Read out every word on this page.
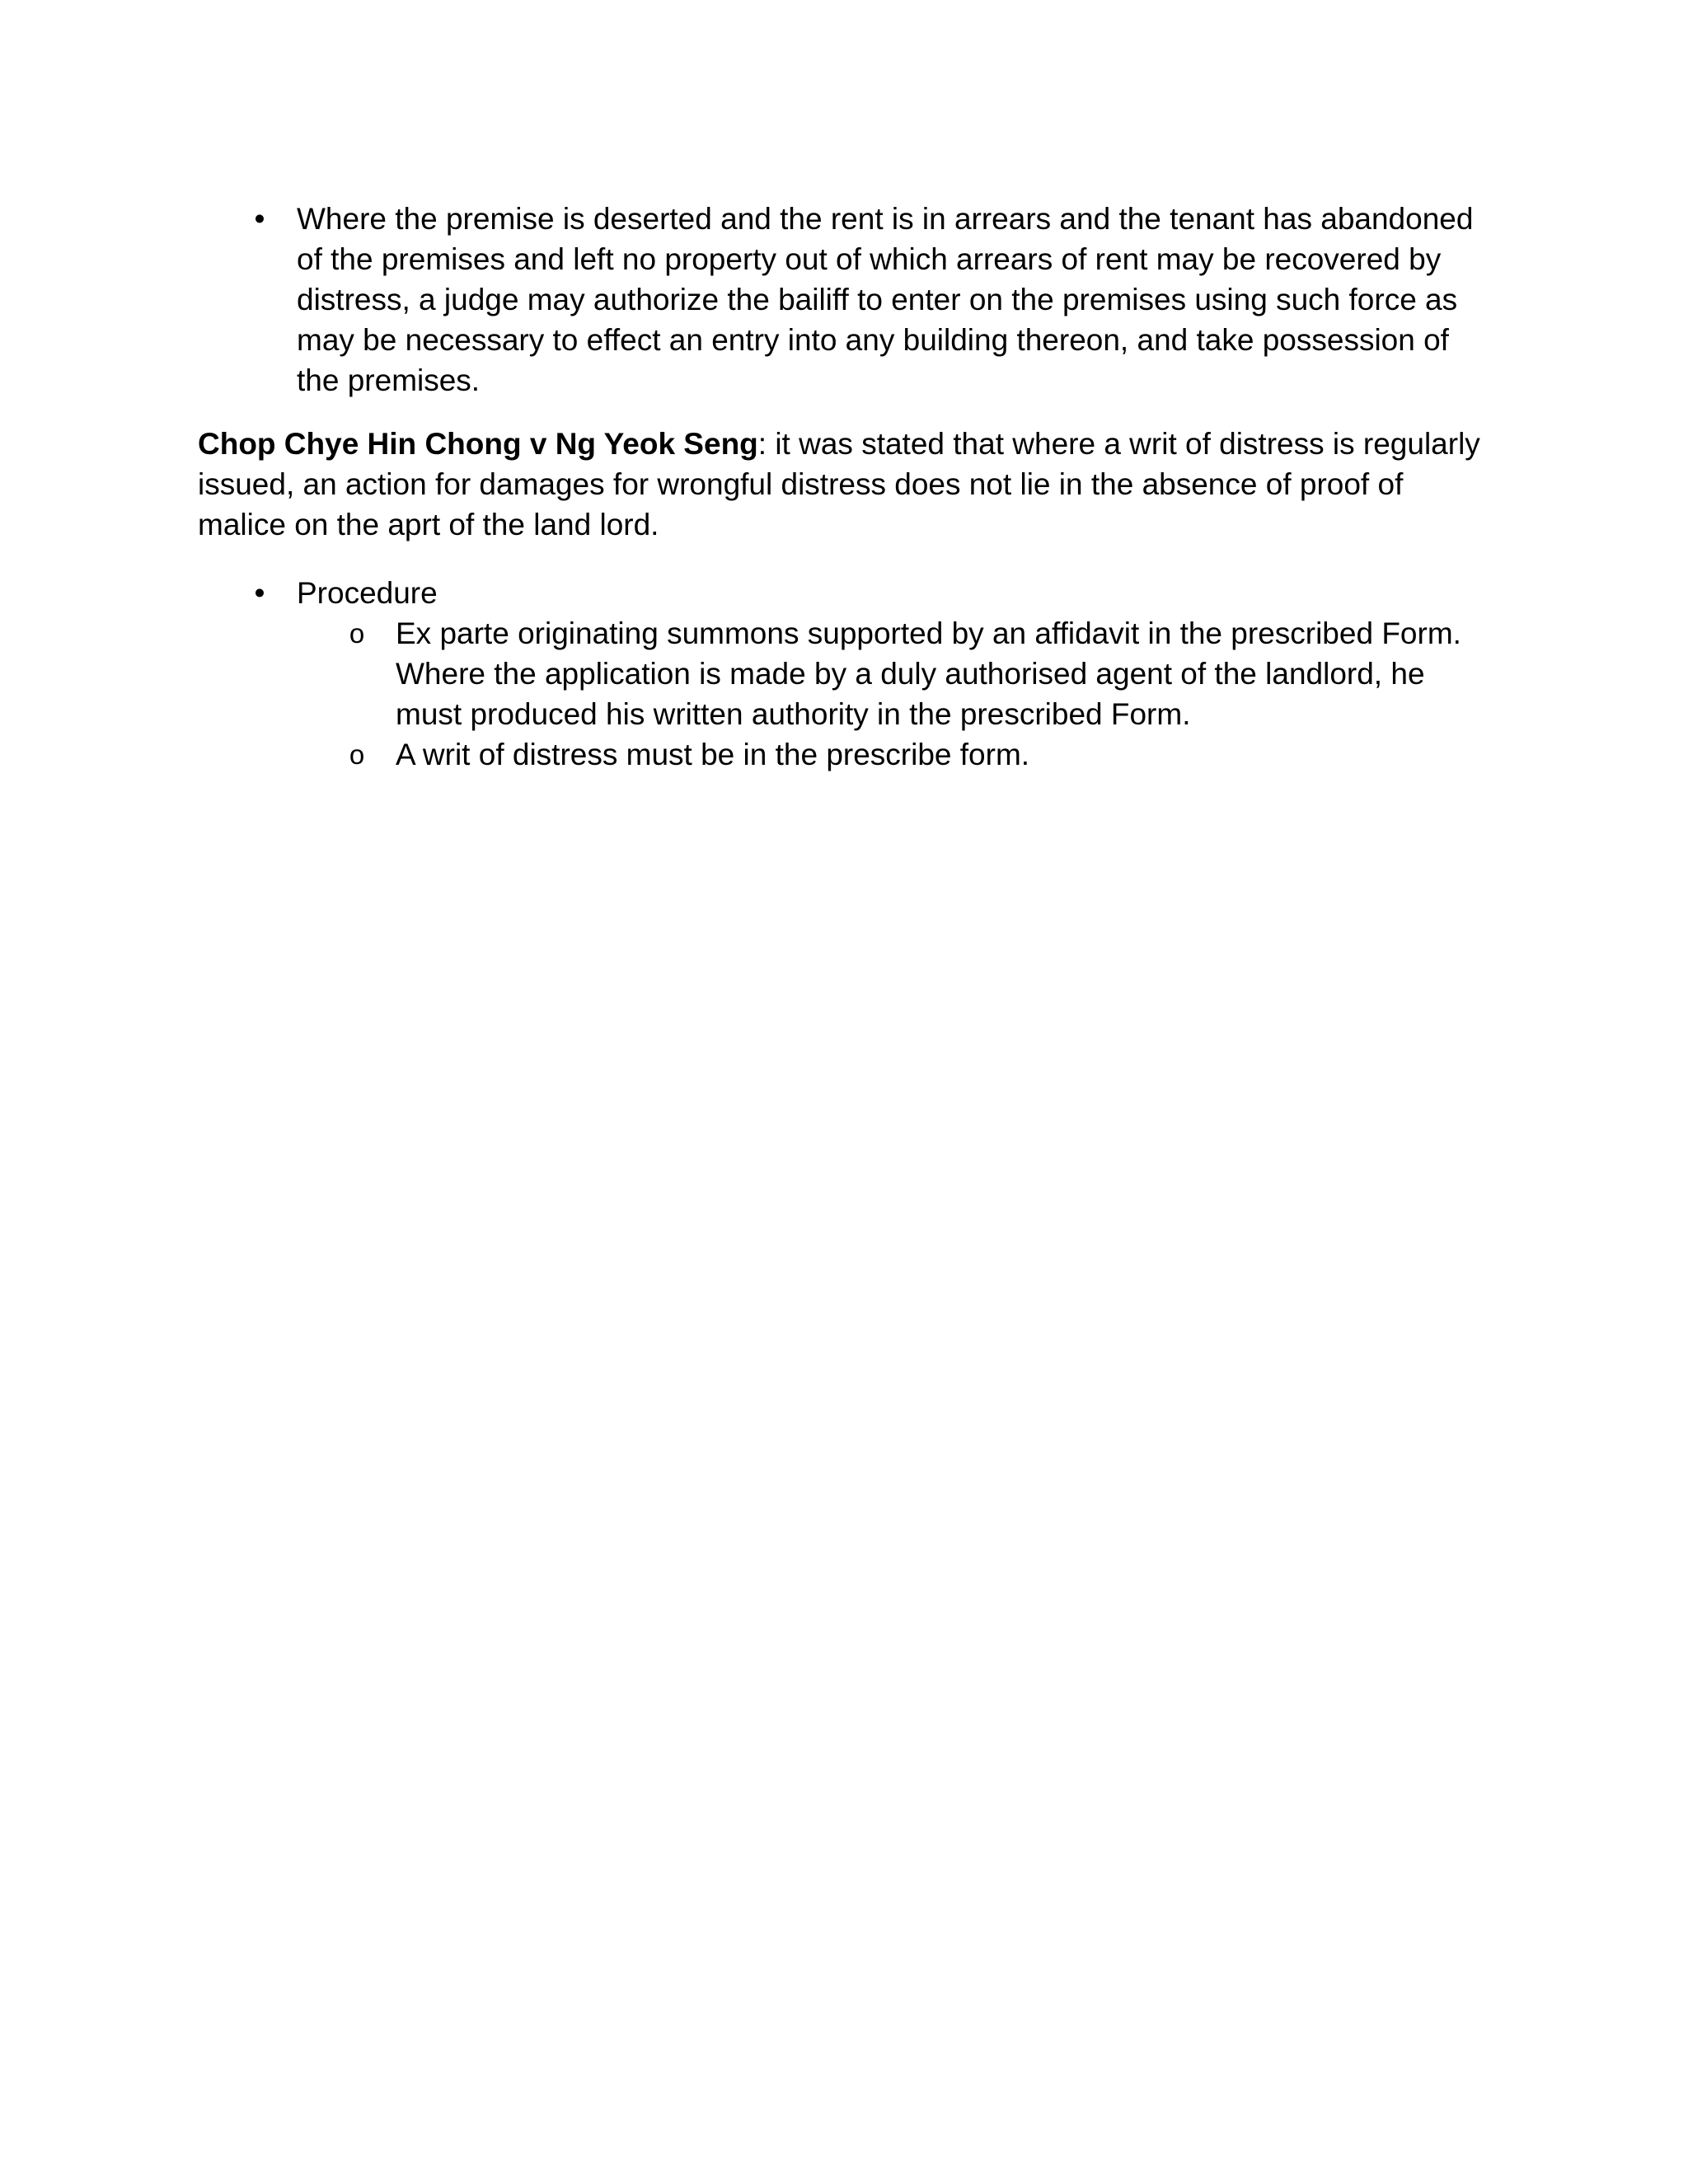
• Where the premise is deserted and the rent is in arrears and the tenant has abandoned of the premises and left no property out of which arrears of rent may be recovered by distress, a judge may authorize the bailiff to enter on the premises using such force as may be necessary to effect an entry into any building thereon, and take possession of the premises.
Chop Chye Hin Chong v Ng Yeok Seng: it was stated that where a writ of distress is regularly issued, an action for damages for wrongful distress does not lie in the absence of proof of malice on the aprt of the land lord.
• Procedure
o Ex parte originating summons supported by an affidavit in the prescribed Form. Where the application is made by a duly authorised agent of the landlord, he must produced his written authority in the prescribed Form.
o A writ of distress must be in the prescribe form.
